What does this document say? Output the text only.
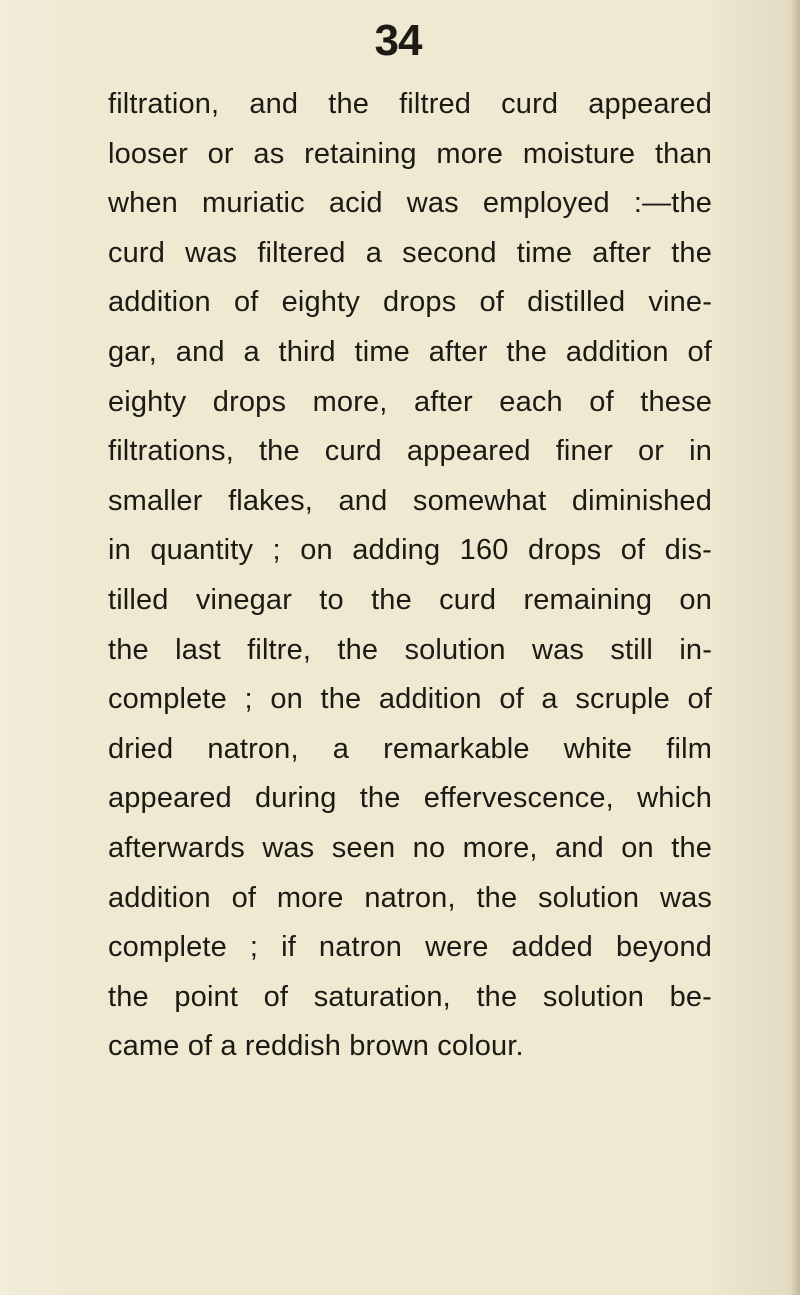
34
filtration, and the filtred curd appeared
looser or as retaining more moisture than
when muriatic acid was employed :—the
curd was filtered a second time after the
addition of eighty drops of distilled vine-
gar, and a third time after the addition of
eighty drops more, after each of these
filtrations, the curd appeared finer or in
smaller flakes, and somewhat diminished
in quantity ; on adding 160 drops of dis-
tilled vinegar to the curd remaining on
the last filtre, the solution was still in-
complete ; on the addition of a scruple of
dried natron, a remarkable white film
appeared during the effervescence, which
afterwards was seen no more, and on the
addition of more natron, the solution was
complete ; if natron were added beyond
the point of saturation, the solution be-
came of a reddish brown colour.
